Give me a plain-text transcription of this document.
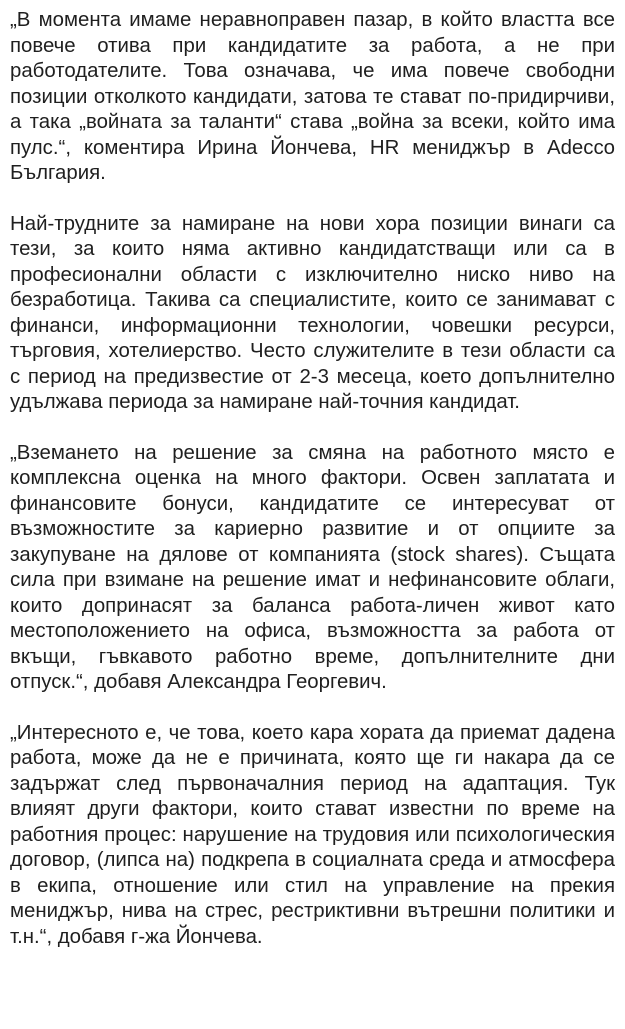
„В момента имаме неравноправен пазар, в който властта все повече отива при кандидатите за работа, а не при работодателите. Това означава, че има повече свободни позиции отколкото кандидати, затова те стават по-придирчиви, а така „войната за таланти“ става „война за всеки, който има пулс.“, коментира Ирина Йончева, HR мениджър в Adecco България.

Най-трудните за намиране на нови хора позиции винаги са тези, за които няма активно кандидатстващи или са в професионални области с изключително ниско ниво на безработица. Такива са специалистите, които се занимават с финанси, информационни технологии, човешки ресурси, търговия, хотелиерство. Често служителите в тези области са с период на предизвестие от 2-3 месеца, което допълнително удължава периода за намиране най-точния кандидат.

„Вземането на решение за смяна на работното място е комплексна оценка на много фактори. Освен заплатата и финансовите бонуси, кандидатите се интересуват от възможностите за кариерно развитие и от опциите за закупуване на дялове от компанията (stock shares). Същата сила при взимане на решение имат и нефинансовите облаги, които допринасят за баланса работа-личен живот като местоположението на офиса, възможността за работа от вкъщи, гъвкавото работно време, допълнителните дни отпуск.“, добавя Александра Георгевич.

„Интересното е, че това, което кара хората да приемат дадена работа, може да не е причината, която ще ги накара да се задържат след първоначалния период на адаптация. Тук влияят други фактори, които стават известни по време на работния процес: нарушение на трудовия или психологическия договор, (липса на) подкрепа в социалната среда и атмосфера в екипа, отношение или стил на управление на прекия мениджър, нива на стрес, рестриктивни вътрешни политики и т.н.“, добавя г-жа Йончева.
